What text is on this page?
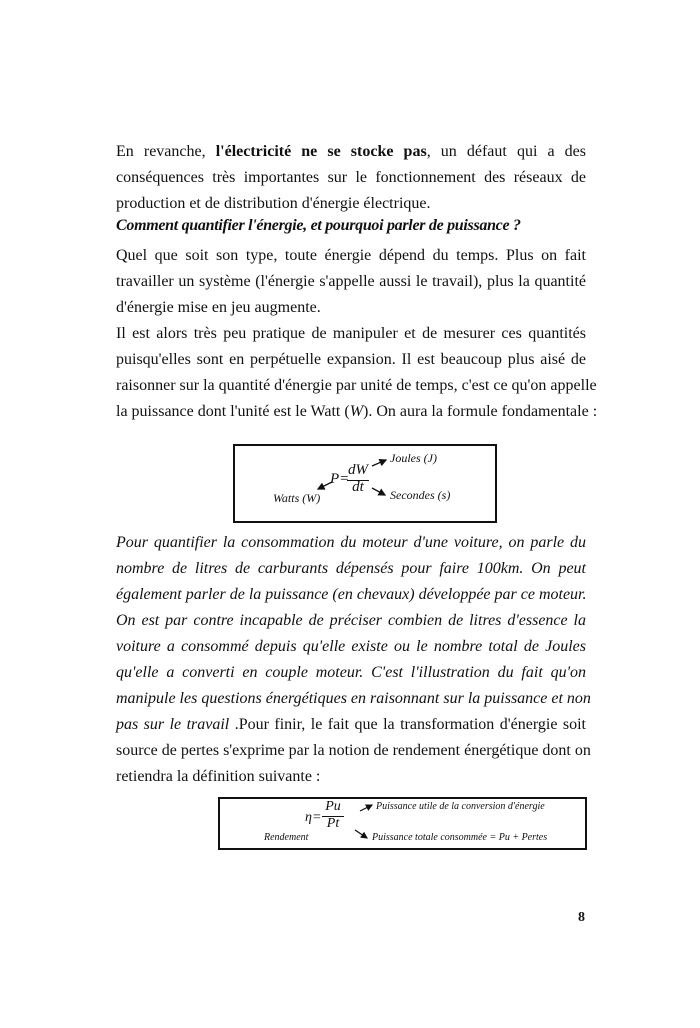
En revanche, l'électricité ne se stocke pas, un défaut qui a des
conséquences très importantes sur le fonctionnement des réseaux de
production et de distribution d'énergie électrique.
Comment quantifier l'énergie, et pourquoi parler de puissance ?
Quel que soit son type, toute énergie dépend du temps. Plus on fait
travailler un système (l'énergie s'appelle aussi le travail), plus la quantité
d'énergie mise en jeu augmente.
Il est alors très peu pratique de manipuler et de mesurer ces quantités
puisqu'elles sont en perpétuelle expansion. Il est beaucoup plus aisé de
raisonner sur la quantité d'énergie par unité de temps, c'est ce qu'on appelle
la puissance dont l'unité est le Watt (W). On aura la formule fondamentale :
P=
dW
dt
Joules (J)
Watts (W)	Secondes (s)
Pour quantifier la consommation du moteur d'une voiture, on parle du
nombre de litres de carburants dépensés pour faire 100km. On peut
également parler de la puissance (en chevaux) développée par ce moteur.
On est par contre incapable de préciser combien de litres d'essence la
voiture a consommé depuis qu'elle existe ou le nombre total de Joules
qu'elle a converti en couple moteur. C'est l'illustration du fait qu'on
manipule les questions énergétiques en raisonnant sur la puissance et non
pas sur le travail .Pour finir, le fait que la transformation d'énergie soit
source de pertes s'exprime par la notion de rendement énergétique dont on
retiendra la définition suivante :
η=
Pu
Pt
Rendement
Puissance utile de la conversion d'énergie
Puissance totale consommée = Pu + Pertes
8
